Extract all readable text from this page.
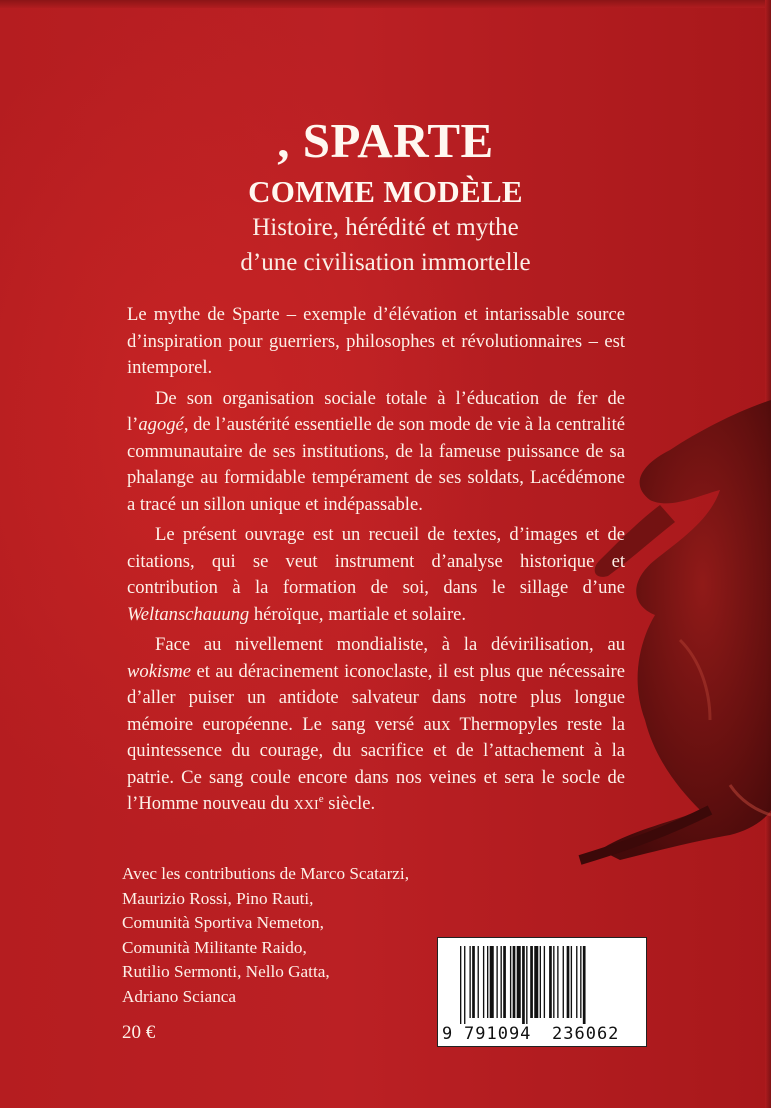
, SPARTE
COMME MODÈLE
Histoire, hérédité et mythe
d’une civilisation immortelle

Le mythe de Sparte – exemple d’élévation et intarissable source d’inspiration pour guerriers, philosophes et révolutionnaires – est intemporel.

De son organisation sociale totale à l’éducation de fer de l’agogé, de l’austérité essentielle de son mode de vie à la centralité communautaire de ses institutions, de la fameuse puissance de sa phalange au formidable tempérament de ses soldats, Lacédémone a tracé un sillon unique et indépassable.

Le présent ouvrage est un recueil de textes, d’images et de citations, qui se veut instrument d’analyse historique et contribution à la formation de soi, dans le sillage d’une Weltanschauung héroïque, martiale et solaire.

Face au nivellement mondialiste, à la dévirilisation, au wokisme et au déracinement iconoclaste, il est plus que nécessaire d’aller puiser un antidote salvateur dans notre plus longue mémoire européenne. Le sang versé aux Thermopyles reste la quintessence du courage, du sacrifice et de l’attachement à la patrie. Ce sang coule encore dans nos veines et sera le socle de l’Homme nouveau du XXIe siècle.

Avec les contributions de Marco Scatarzi,
Maurizio Rossi, Pino Rauti,
Comunità Sportiva Nemeton,
Comunità Militante Raido,
Rutilio Sermonti, Nello Gatta,
Adriano Scianca
20 €	9 791094 236062
